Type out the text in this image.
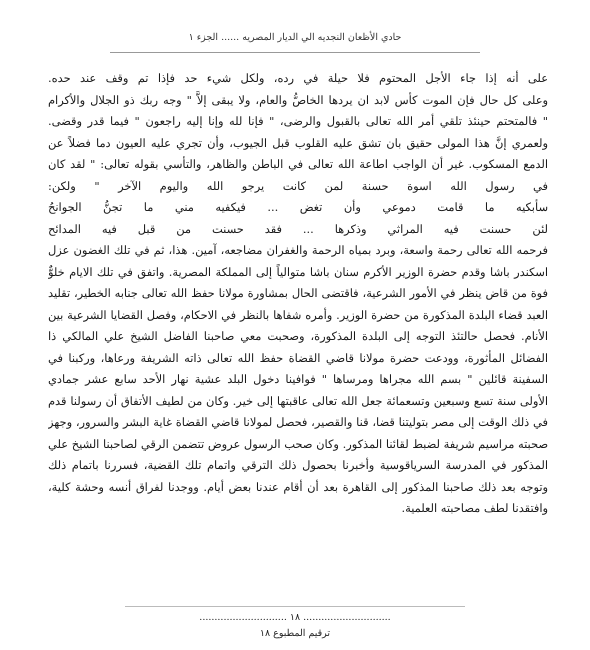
حادي الأظعان النجديه الي الديار المصريه ...... الجزء ١
على أنه إذا جاء الأجل المحتوم فلا حيلة في رده، ولكل شيء حد فإذا تم وقف عند حده.
وعلى كل حال فإن الموت كأس لابد ان يردها الخاصُّ والعام، ولا يبقى إلاَّ " وجه ربك ذو الجلال والأكرام
" فالمتحتم حينئذ تلقي أمر الله تعالى بالقبول والرضى، " فإنا لله وإنا إليه راجعون " فيما قدر وقضى.
ولعمري إنَّ هذا المولى حقيق بان تشق عليه القلوب قبل الجيوب، وأن تجري عليه العيون دما فضلاً عن
الدمع المسكوب. غير أن الواجب اطاعة الله تعالى في الباطن والظاهر، والتأسي بقوله تعالى: " لقد كان
في رسول الله اسوة حسنة لمن كانت يرجو الله واليوم الآخر " ولكن:
سأبكيه ما قامت دموعي وأن تغض ... فيكفيه مني ما تجنُّ الجوانحُ
لئن حسنت فيه المراثي وذكرها ... فقد حسنت من قبل فيه المدائح
فرحمه الله تعالى رحمة واسعة، وبرد بمياه الرحمة والغفران مضاجعه، آمين. هذا، ثم في تلك الغضون عزل
اسكندر باشا وقدم حضرة الوزير الأكرم سنان باشا متوالياً إلى المملكة المصرية. واتفق في تلك الايام خلوٌّ
فوة من قاض ينظر في الأمور الشرعية، فاقتضى الحال بمشاورة مولانا حفظ الله تعالى جنابه الخطير، تقليد
العبد قضاء البلدة المذكورة من حضرة الوزير. وأمره شفاها بالنظر في الاحكام، وفصل القضايا الشرعية بين
الأنام. فحصل حالتئذ التوجه إلى البلدة المذكورة، وصحبت معي صاحبنا الفاضل الشيخ علي المالكي ذا
الفضائل المأثورة، وودعت حضرة مولانا قاضي القضاة حفظ الله تعالى ذاته الشريفة ورعاها، وركبنا في
السفينة قائلين " بسم الله مجراها ومرساها " فوافينا دخول البلد عشية نهار الأحد سابع عشر جمادي
الأولى سنة تسع وسبعين وتسعمائة جعل الله تعالى عاقبتها إلى خير. وكان من لطيف الأتفاق أن رسولنا قدم
في ذلك الوقت إلى مصر بتوليتنا قضا، قنا والقصير، فحصل لمولانا قاضي القضاة غاية البشر والسرور، وجهز
صحبته مراسيم شريفة لضبط لقائنا المذكور. وكان صحب الرسول عروض تتضمن الرقي لصاحبنا الشيخ علي
المذكور في المدرسة السرياقوسية وأخبرنا بحصول ذلك الترقي واتمام تلك القضية، فسررنا باتمام ذلك
وتوجه بعد ذلك صاحبنا المذكور إلى القاهرة بعد أن أقام عندنا بعض أيام. ووجدنا لفراق أنسه وحشة كلية،
وافتقدنا لطف مصاحبته العلمية.
............................. ١٨ .............................
ترقيم المطبوع ١٨
